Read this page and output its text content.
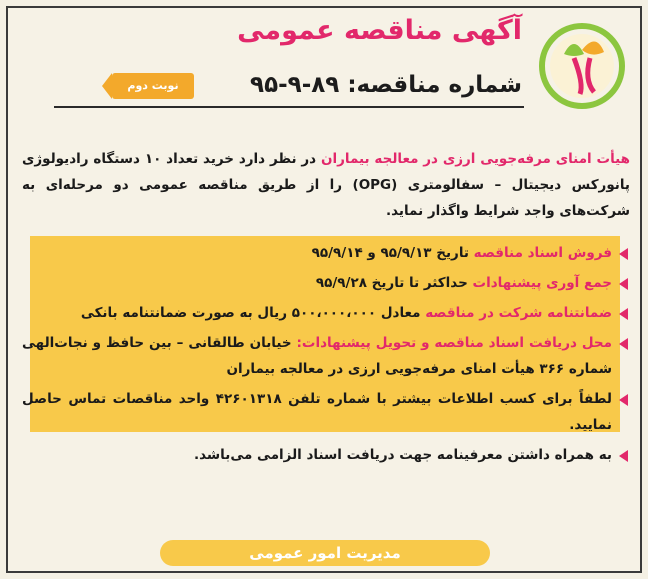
آگهی مناقصه عمومی
شماره مناقصه: ۸۹-۹-۹۵
نوبت دوم
هیأت امنای مرفه‌جویی ارزی در معالجه بیماران در نظر دارد خرید تعداد ۱۰ دستگاه رادیولوژی پانورکس دیجیتال – سفالومتری (OPG) را از طریق مناقصه عمومی دو مرحله‌ای به شرکت‌های واجد شرایط واگذار نماید.
فروش اسناد مناقصه تاریخ ۹۵/۹/۱۳ و ۹۵/۹/۱۴
جمع آوری پیشنهادات حداکثر تا تاریخ ۹۵/۹/۲۸
ضمانتنامه شرکت در مناقصه معادل ۵۰۰،۰۰۰،۰۰۰ ریال به صورت ضمانتنامه بانکی
محل دریافت اسناد مناقصه و تحویل پیشنهادات: خیابان طالقانی – بین حافظ و نجات‌الهی شماره ۳۶۶ هیأت امنای مرفه‌جویی ارزی در معالجه بیماران
لطفاً برای کسب اطلاعات بیشتر با شماره تلفن ۴۲۶۰۱۳۱۸ واحد مناقصات تماس حاصل نمایید.
به همراه داشتن معرفینامه جهت دریافت اسناد الزامی می‌باشد.
مدیریت امور عمومی
